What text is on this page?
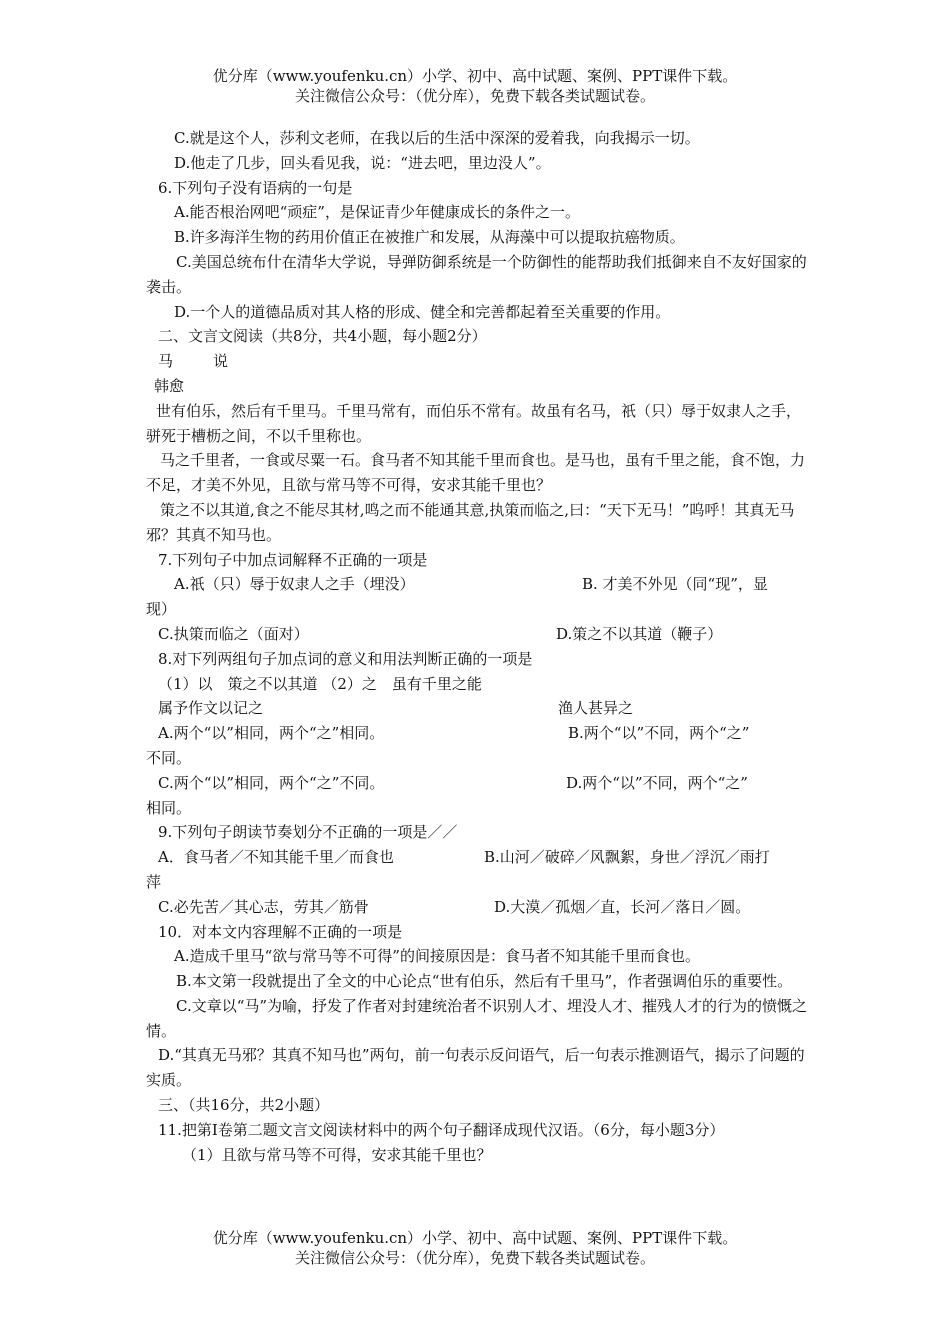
优分库（www.youfenku.cn）小学、初中、高中试题、案例、PPT课件下载。
关注微信公众号：（优分库），免费下载各类试题试卷。
C.就是这个人，莎利文老师，在我以后的生活中深深的爱着我，向我揭示一切。
D.他走了几步，回头看见我，说：“进去吧，里边没人”。
6.下列句子没有语病的一句是
A.能否根治网吧“顽症”，是保证青少年健康成长的条件之一。
B.许多海洋生物的药用价值正在被推广和发展，从海藻中可以提取抗癌物质。
C.美国总统布什在清华大学说，导弹防御系统是一个防御性的能帮助我们抵御来自不友好国家的袭击。
D.一个人的道德品质对其人格的形成、健全和完善都起着至关重要的作用。
二、文言文阅读（共8分，共4小题，每小题2分）
马	说
韩愈
世有伯乐，然后有千里马。千里马常有，而伯乐不常有。故虽有名马，祇（只）辱于奴隶人之手，骈死于槽枥之间，不以千里称也。
马之千里者，一食或尽粟一石。食马者不知其能千里而食也。是马也，虽有千里之能，食不饱，力不足，才美不外见，且欲与常马等不可得，安求其能千里也？
策之不以其道,食之不能尽其材,鸣之而不能通其意,执策而临之,曰：“天下无马！”呜呼！其真无马邪？其真不知马也。
7.下列句子中加点词解释不正确的一项是
A.祇（只）辱于奴隶人之手（埋没）	B. 才美不外见（同“现”，显
现）
C.执策而临之（面对）	D.策之不以其道（鞭子）
8.对下列两组句子加点词的意义和用法判断正确的一项是
（1）以　策之不以其道 （2）之　虽有千里之能
属予作文以记之	渔人甚异之
A.两个“以”相同，两个“之”相同。	B.两个“以”不同，两个“之”
不同。
C.两个“以”相同，两个“之”不同。	D.两个“以”不同，两个“之”
相同。
9.下列句子朗读节奏划分不正确的一项是／／
A．食马者／不知其能千里／而食也	B.山河／破碎／风飘絮，身世／浮沉／雨打
萍
C.必先苦／其心志，劳其／筋骨	D.大漠／孤烟／直，长河／落日／圆。
10．对本文内容理解不正确的一项是
A.造成千里马“欲与常马等不可得”的间接原因是：食马者不知其能千里而食也。
B.本文第一段就提出了全文的中心论点“世有伯乐，然后有千里马”，作者强调伯乐的重要性。
C.文章以“马”为喻，抒发了作者对封建统治者不识别人才、埋没人才、摧残人才的行为的愤慨之情。
D.“其真无马邪？其真不知马也”两句，前一句表示反问语气，后一句表示推测语气，揭示了问题的实质。
三、（共16分，共2小题）
11.把第Ⅰ卷第二题文言文阅读材料中的两个句子翻译成现代汉语。（6分，每小题3分）
（1）且欲与常马等不可得，安求其能千里也？
优分库（www.youfenku.cn）小学、初中、高中试题、案例、PPT课件下载。
关注微信公众号：（优分库），免费下载各类试题试卷。
